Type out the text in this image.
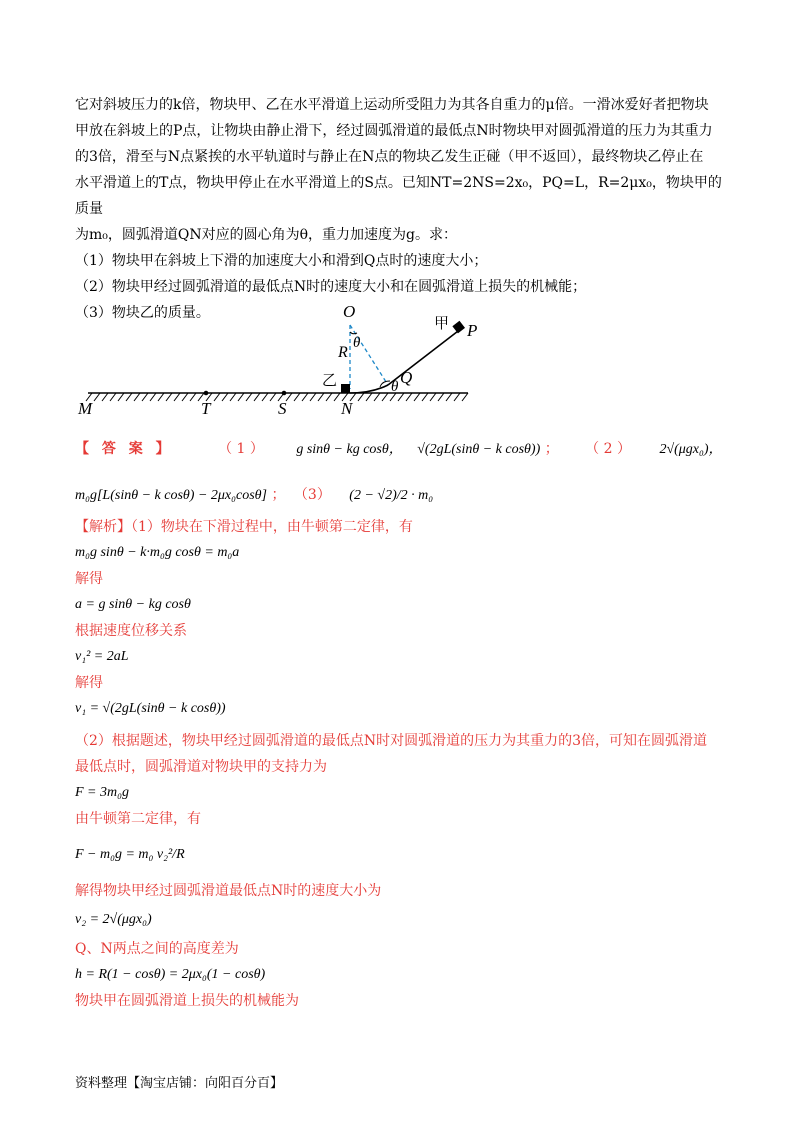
它对斜坡压力的k倍，物块甲、乙在水平滑道上运动所受阻力为其各自重力的μ倍。一滑冰爱好者把物块

甲放在斜坡上的P点，让物块由静止滑下，经过圆弧滑道的最低点N时物块甲对圆弧滑道的压力为其重力

的3倍，滑至与N点紧挨的水平轨道时与静止在N点的物块乙发生正碰（甲不返回），最终物块乙停止在

水平滑道上的T点，物块甲停止在水平滑道上的S点。已知NT=2NS=2x₀，PQ=L，R=2μx₀，物块甲的质量

为m₀，圆弧滑道QN对应的圆心角为θ，重力加速度为g。求：

（1）物块甲在斜坡上下滑的加速度大小和滑到Q点时的速度大小；

（2）物块甲经过圆弧滑道的最低点N时的速度大小和在圆弧滑道上损失的机械能；

（3）物块乙的质量。	O
θ
R
乙	θ Q
甲 P
M	T	S	N
【 答 案 】	（ 1 ） g sinθ − kg cosθ， √(2gL(sinθ − k cosθ)) ； （ 2 ） 2√(μgx₀)，
m₀g[L(sinθ − k cosθ) − 2μx₀cosθ] ； （3） (2 − √2)/2 · m₀

【解析】（1）物块在下滑过程中，由牛顿第二定律，有

m₀g sinθ − k·m₀g cosθ = m₀a

解得

a = g sinθ − kg cosθ

根据速度位移关系

v₁² = 2aL

解得

v₁ = √(2gL(sinθ − k cosθ))

（2）根据题述，物块甲经过圆弧滑道的最低点N时对圆弧滑道的压力为其重力的3倍，可知在圆弧滑道

最低点时，圆弧滑道对物块甲的支持力为

F = 3m₀g

由牛顿第二定律，有

F − m₀g = m₀ v₂²/R

解得物块甲经过圆弧滑道最低点N时的速度大小为

v₂ = 2√(μgx₀)

Q、N两点之间的高度差为

h = R(1 − cosθ) = 2μx₀(1 − cosθ)

物块甲在圆弧滑道上损失的机械能为

资料整理【淘宝店铺：向阳百分百】
